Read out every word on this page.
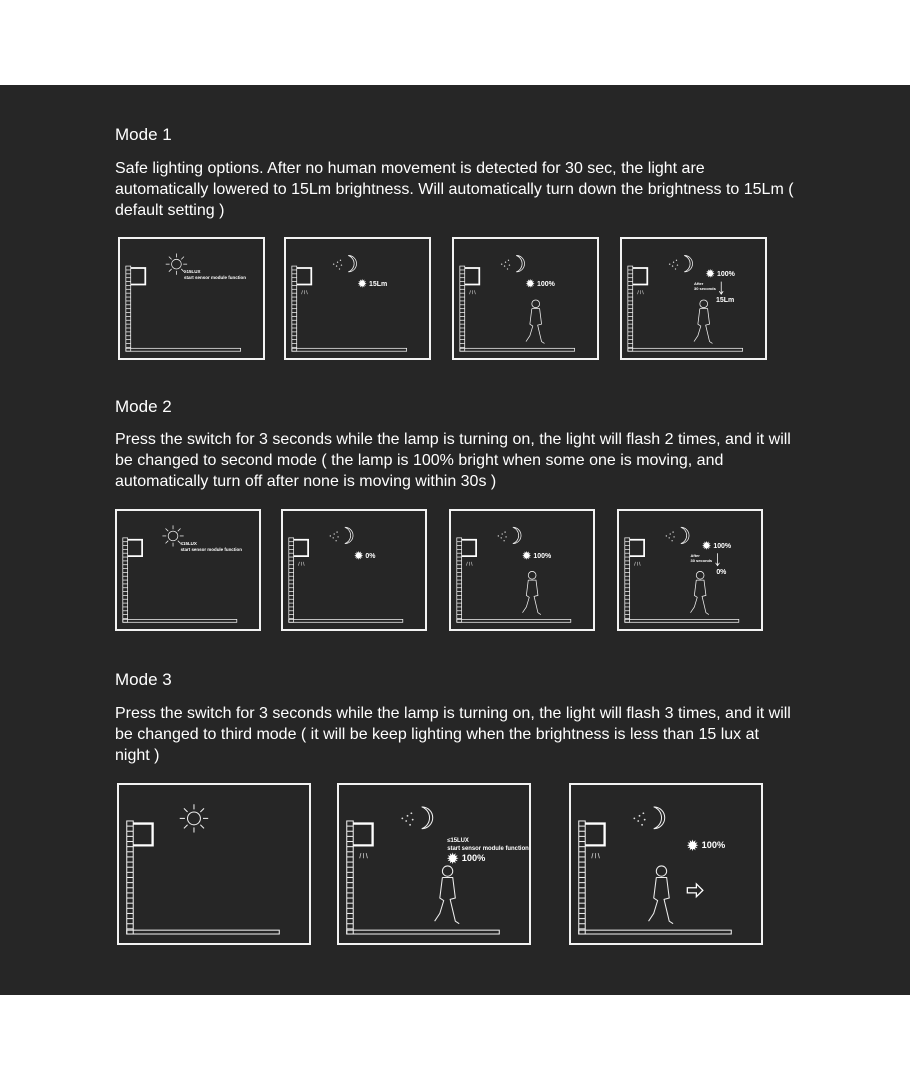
Mode 1
Safe lighting options. After no human movement is detected for 30 sec, the light are automatically lowered to 15Lm brightness. Will automatically turn down the brightness to 15Lm ( default setting )
≥15LUX
start sensor module function
✹ 15Lm	✹ 100%
✹ 100%
After
30 seconds
15Lm
Mode 2
Press the switch for 3 seconds while the lamp is turning on, the light will flash 2 times, and it will be changed to second mode ( the lamp is 100% bright when some one is moving, and automatically turn off after none is moving within 30s )
≤15LUX
start sensor module function
✹ 0%	✹ 100%
✹ 100%
After
30 seconds
0%
Mode 3
Press the switch for 3 seconds while the lamp is turning on, the light will flash 3 times, and it will be changed to third mode ( it will be keep lighting when the brightness is less than 15 lux at night )
≤15LUX
start sensor module function
✹ 100%
✹ 100%
